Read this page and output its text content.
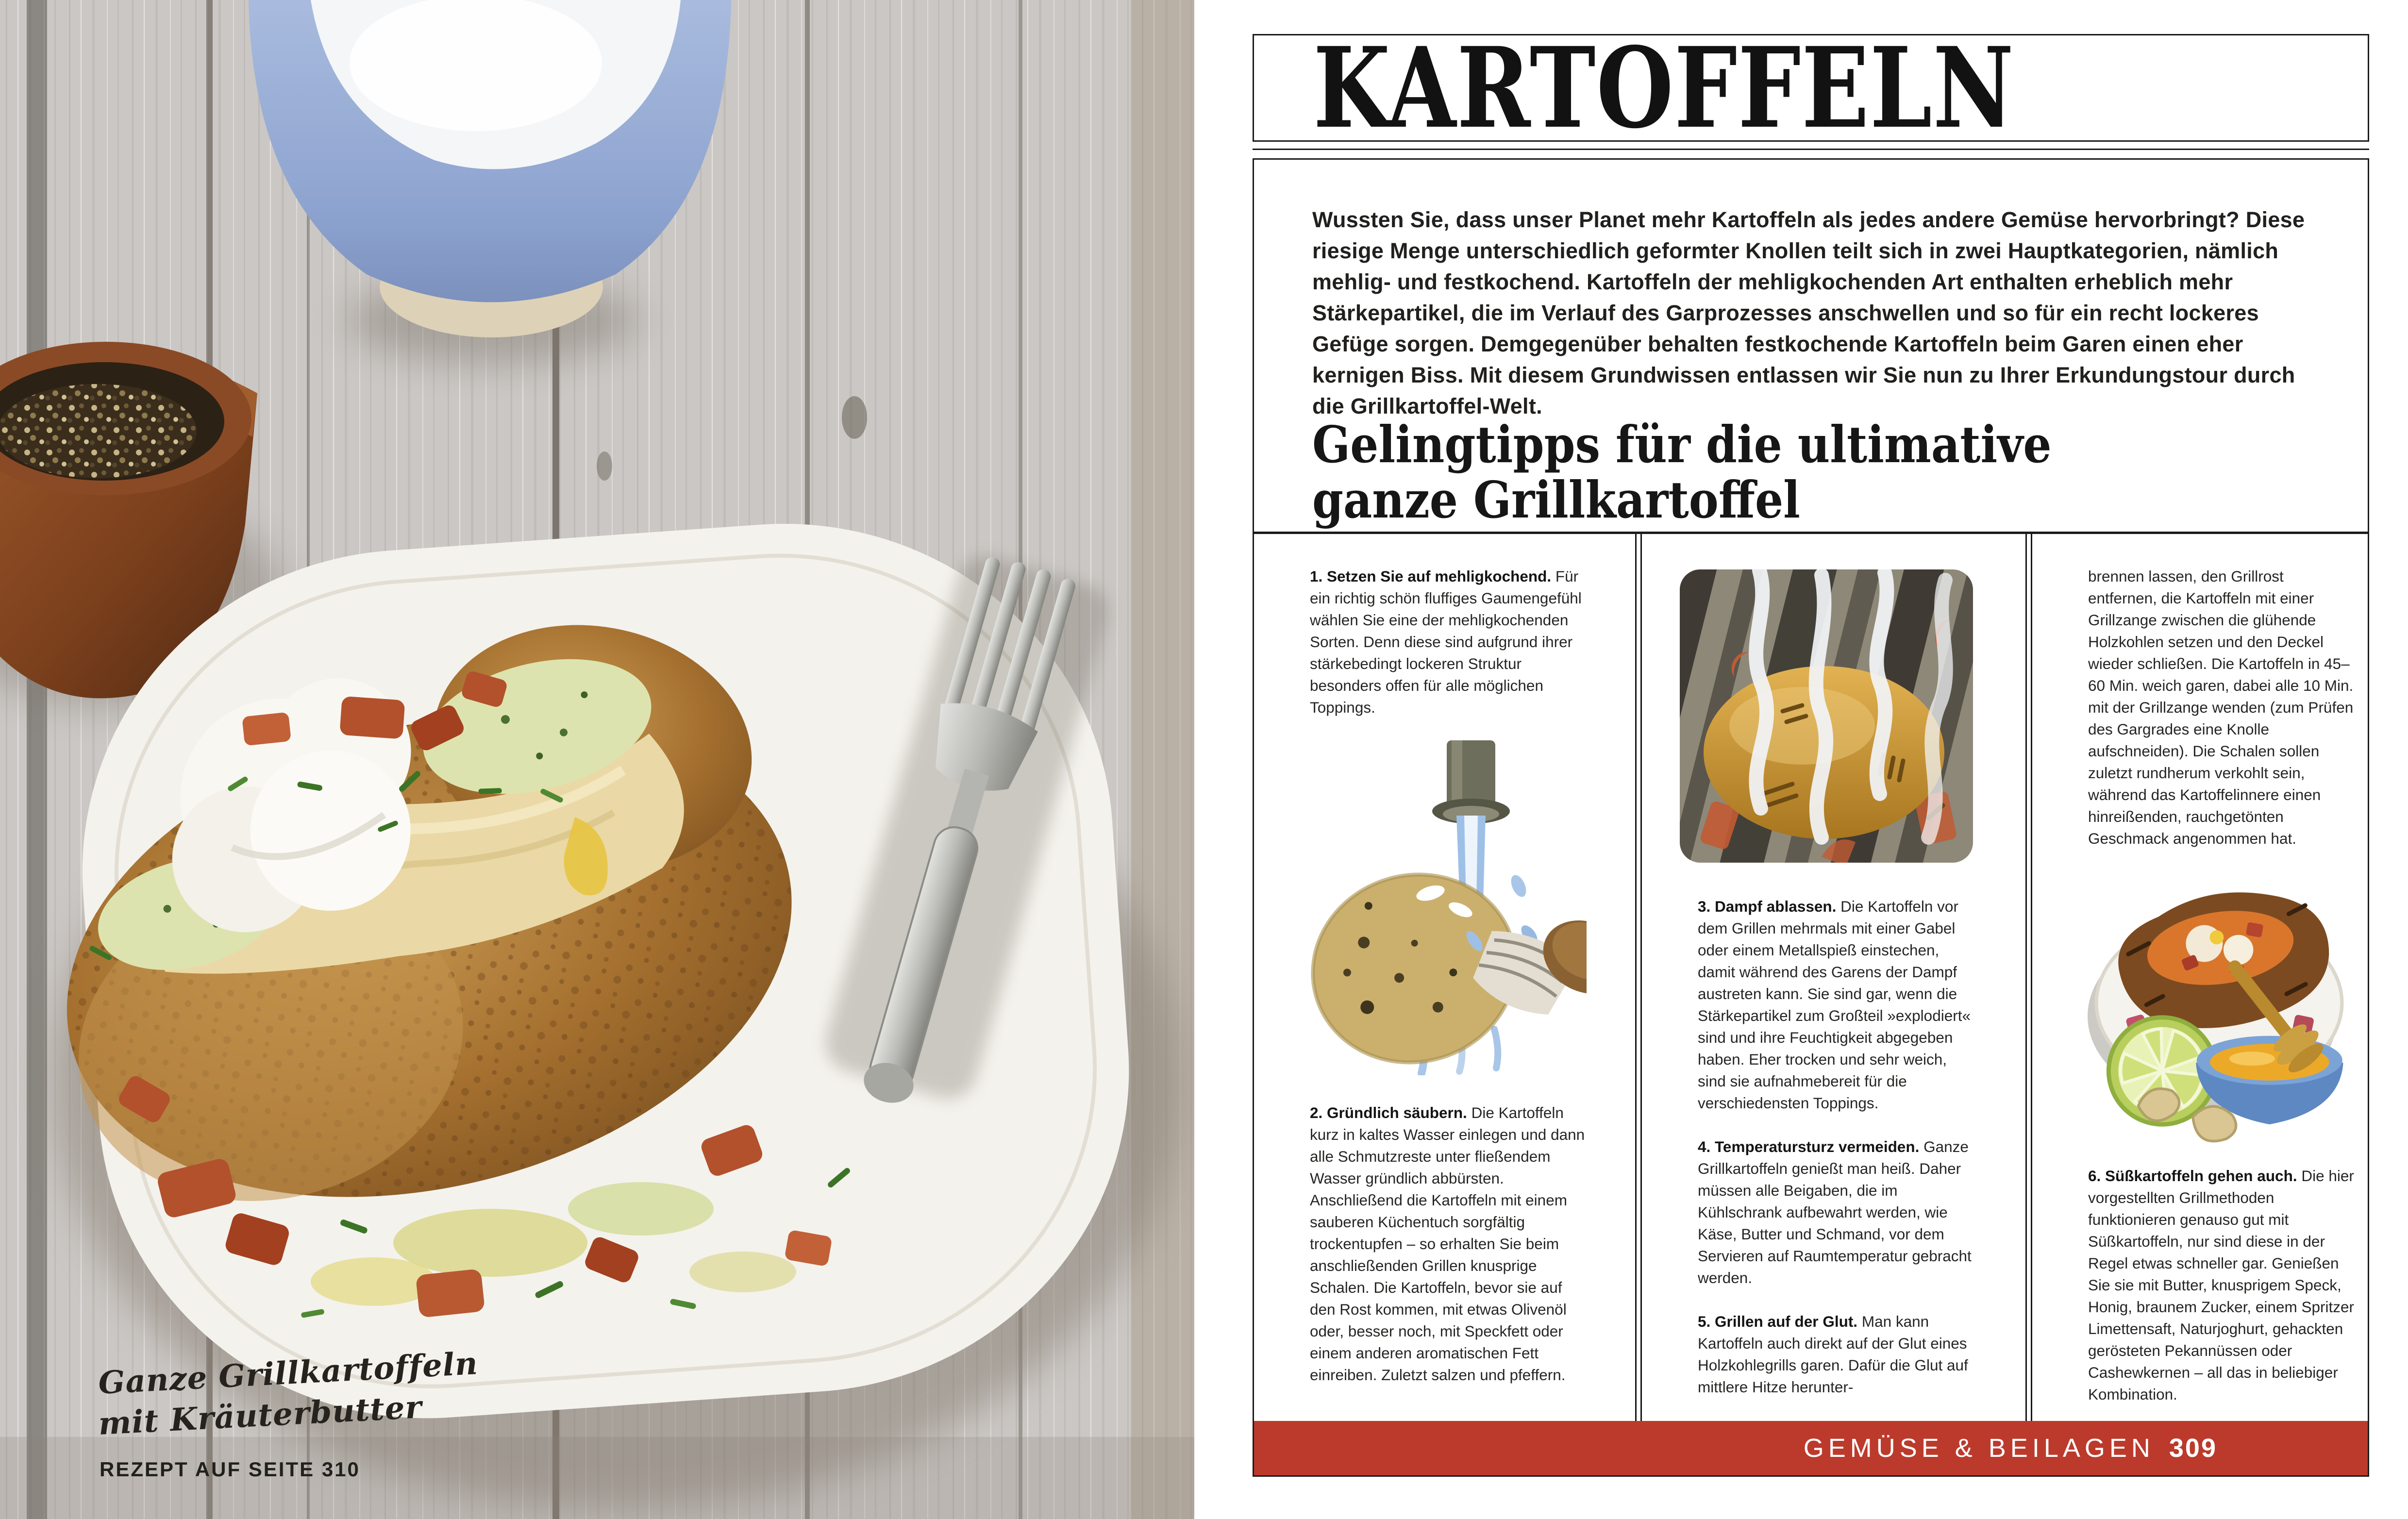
Ganze Grillkartoffeln
mit Kräuterbutter
REZEPT AUF SEITE 310
KARTOFFELN

Wussten Sie, dass unser Planet mehr Kartoffeln als jedes andere Gemüse hervorbringt? Diese riesige Menge unterschiedlich geformter Knollen teilt sich in zwei Hauptkategorien, nämlich mehlig- und festkochend. Kartoffeln der mehligkochenden Art enthalten erheblich mehr Stärkepartikel, die im Verlauf des Garprozesses anschwellen und so für ein recht lockeres Gefüge sorgen. Demgegenüber behalten festkochende Kartoffeln beim Garen einen eher kernigen Biss. Mit diesem Grundwissen entlassen wir Sie nun zu Ihrer Erkundungstour durch die Grillkartoffel-Welt.

Gelingtipps für die ultimative
ganze Grillkartoffel

1. Setzen Sie auf mehligkochend. Für ein richtig schön fluffiges Gaumengefühl wählen Sie eine der mehligkochenden Sorten. Denn diese sind aufgrund ihrer stärkebedingt lockeren Struktur besonders offen für alle möglichen Toppings.

2. Gründlich säubern. Die Kartoffeln kurz in kaltes Wasser einlegen und dann alle Schmutzreste unter fließendem Wasser gründlich abbürsten. Anschließend die Kartoffeln mit einem sauberen Küchentuch sorgfältig trockentupfen – so erhalten Sie beim anschließenden Grillen knusprige Schalen. Die Kartoffeln, bevor sie auf den Rost kommen, mit etwas Olivenöl oder, besser noch, mit Speckfett oder einem anderen aromatischen Fett einreiben. Zuletzt salzen und pfeffern.

3. Dampf ablassen. Die Kartoffeln vor dem Grillen mehrmals mit einer Gabel oder einem Metallspieß einstechen, damit während des Garens der Dampf austreten kann. Sie sind gar, wenn die Stärkepartikel zum Großteil »explodiert« sind und ihre Feuchtigkeit abgegeben haben. Eher trocken und sehr weich, sind sie aufnahmebereit für die verschiedensten Toppings.

4. Temperatursturz vermeiden. Ganze Grillkartoffeln genießt man heiß. Daher müssen alle Beigaben, die im Kühlschrank aufbewahrt werden, wie Käse, Butter und Schmand, vor dem Servieren auf Raumtemperatur gebracht werden.

5. Grillen auf der Glut. Man kann Kartoffeln auch direkt auf der Glut eines Holzkohlegrills garen. Dafür die Glut auf mittlere Hitze herunter-

brennen lassen, den Grillrost entfernen, die Kartoffeln mit einer Grillzange zwischen die glühende Holzkohlen setzen und den Deckel wieder schließen. Die Kartoffeln in 45–60 Min. weich garen, dabei alle 10 Min. mit der Grillzange wenden (zum Prüfen des Gargrades eine Knolle aufschneiden). Die Schalen sollen zuletzt rundherum verkohlt sein, während das Kartoffelinnere einen hinreißenden, rauchgetönten Geschmack angenommen hat.

6. Süßkartoffeln gehen auch. Die hier vorgestellten Grillmethoden funktionieren genauso gut mit Süßkartoffeln, nur sind diese in der Regel etwas schneller gar. Genießen Sie sie mit Butter, knusprigem Speck, Honig, braunem Zucker, einem Spritzer Limettensaft, Naturjoghurt, gehackten gerösteten Pekannüssen oder Cashewkernen – all das in beliebiger Kombination.

GEMÜSE & BEILAGEN 309
